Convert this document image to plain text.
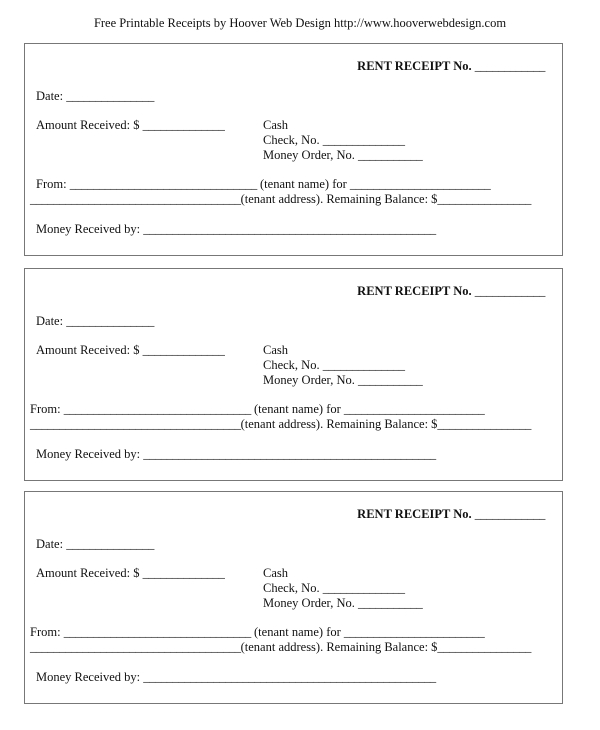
Free Printable Receipts by Hoover Web Design http://www.hooverwebdesign.com
RENT RECEIPT No. ____________
Date: _______________
Amount Received: $ ______________	Cash
Check, No. ______________
Money Order, No. ___________
From: ________________________________ (tenant name) for ________________________
____________________________________(tenant address). Remaining Balance: $________________
Money Received by: __________________________________________________
RENT RECEIPT No. ____________
Date: _______________
Amount Received: $ ______________	Cash
Check, No. ______________
Money Order, No. ___________
From: ________________________________ (tenant name) for ________________________
____________________________________(tenant address). Remaining Balance: $________________
Money Received by: __________________________________________________
RENT RECEIPT No. ____________
Date: _______________
Amount Received: $ ______________	Cash
Check, No. ______________
Money Order, No. ___________
From: ________________________________ (tenant name) for ________________________
____________________________________(tenant address). Remaining Balance: $________________
Money Received by: __________________________________________________
